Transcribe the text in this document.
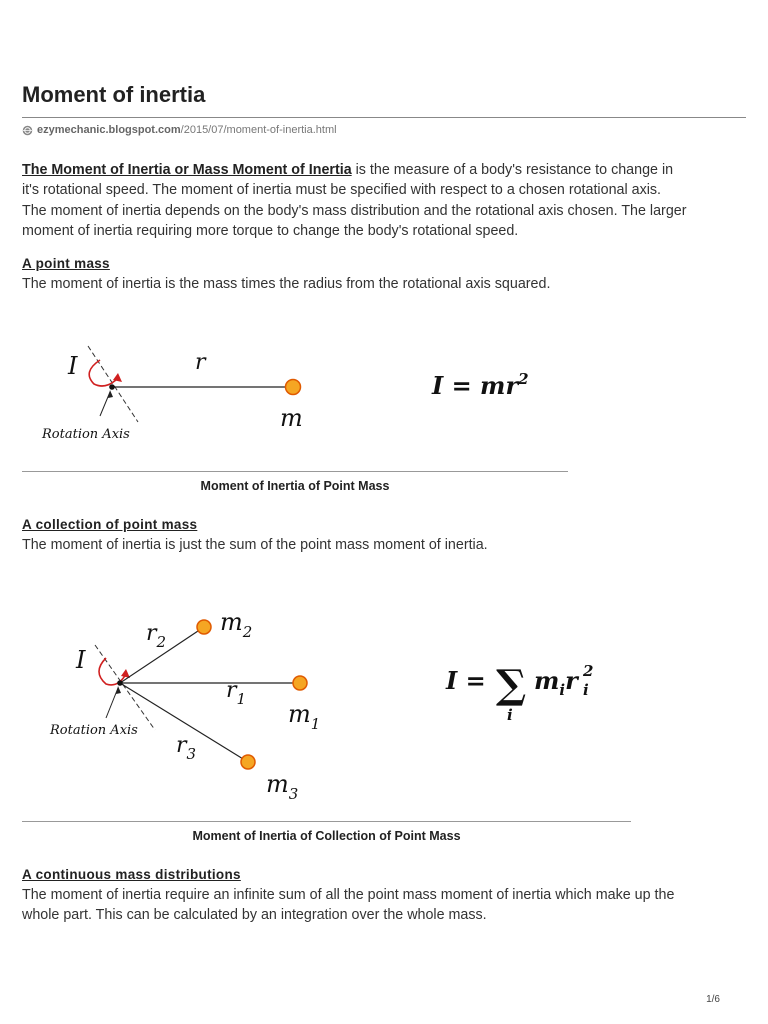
Moment of inertia
ezymechanic.blogspot.com/2015/07/moment-of-inertia.html

The Moment of Inertia or Mass Moment of Inertia is the measure of a body's resistance to change in
it's rotational speed. The moment of inertia must be specified with respect to a chosen rotational axis.
The moment of inertia depends on the body's mass distribution and the rotational axis chosen. The larger
moment of inertia requiring more torque to change the body's rotational speed.

A point mass

The moment of inertia is the mass times the radius from the rotational axis squared.

I	r
m
Rotation Axis
$I = mr^2$
Moment of Inertia of Point Mass
A collection of point mass

The moment of inertia is just the sum of the point mass moment of inertia.

I
$r_2$
$r_1$
$r_3$
$m_2$
$m_1$
$m_3$
Rotation Axis
I = ∑
i
$m_ir$ 2
i
Moment of Inertia of Collection of Point Mass
A continuous mass distributions

The moment of inertia require an infinite sum of all the point mass moment of inertia which make up the
whole part. This can be calculated by an integration over the whole mass.

1/6
